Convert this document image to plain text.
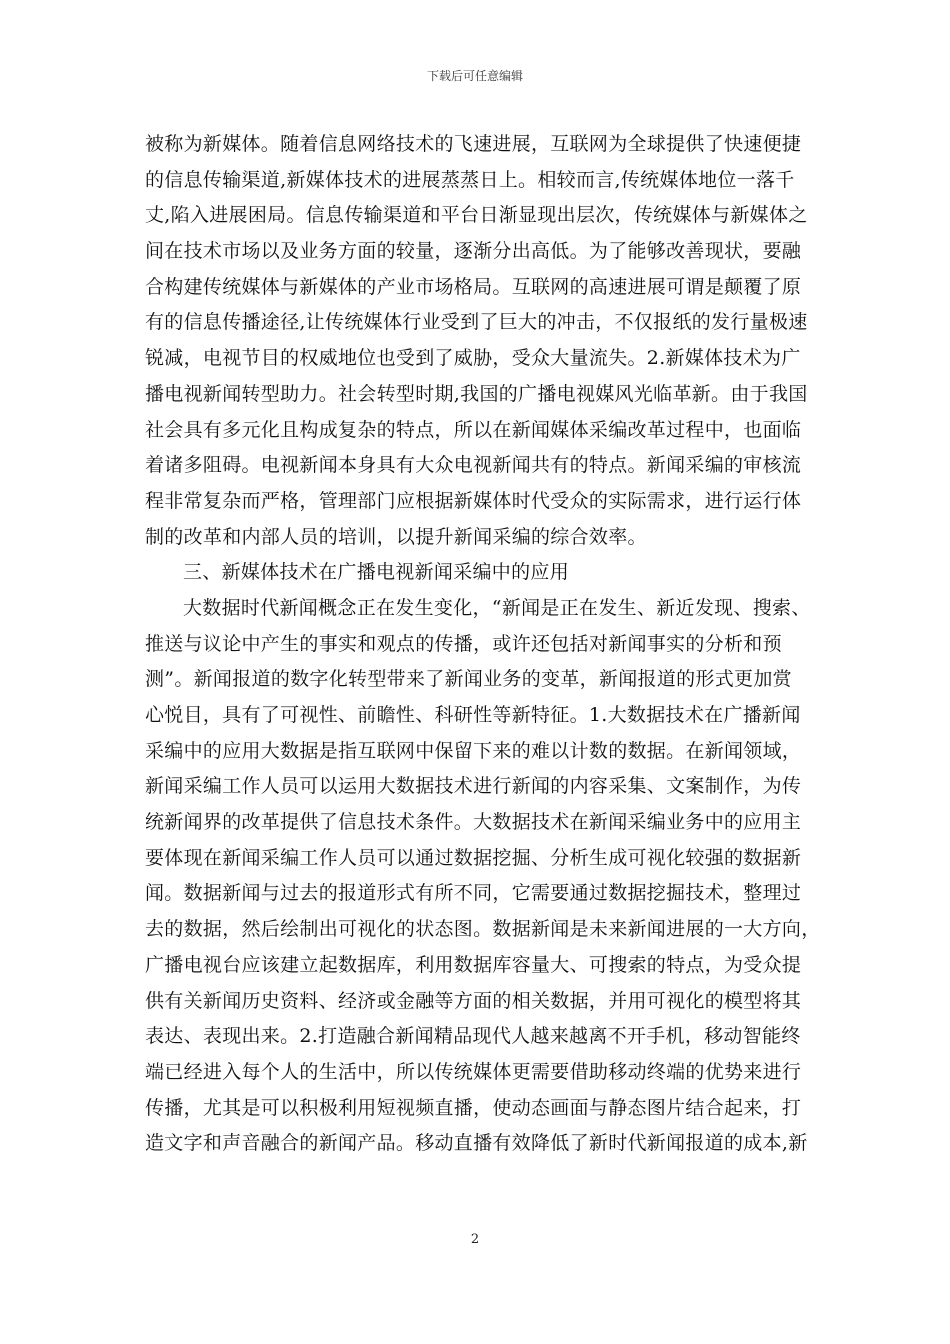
下载后可任意编辑
被称为新媒体。随着信息网络技术的飞速进展，互联网为全球提供了快速便捷
的信息传输渠道,新媒体技术的进展蒸蒸日上。相较而言,传统媒体地位一落千
丈,陷入进展困局。信息传输渠道和平台日渐显现出层次，传统媒体与新媒体之
间在技术市场以及业务方面的较量，逐渐分出高低。为了能够改善现状，要融
合构建传统媒体与新媒体的产业市场格局。互联网的高速进展可谓是颠覆了原
有的信息传播途径,让传统媒体行业受到了巨大的冲击，不仅报纸的发行量极速
锐减，电视节目的权威地位也受到了威胁，受众大量流失。2.新媒体技术为广
播电视新闻转型助力。社会转型时期,我国的广播电视媒风光临革新。由于我国
社会具有多元化且构成复杂的特点，所以在新闻媒体采编改革过程中，也面临
着诸多阻碍。电视新闻本身具有大众电视新闻共有的特点。新闻采编的审核流
程非常复杂而严格，管理部门应根据新媒体时代受众的实际需求，进行运行体
制的改革和内部人员的培训，以提升新闻采编的综合效率。
三、新媒体技术在广播电视新闻采编中的应用
大数据时代新闻概念正在发生变化，“新闻是正在发生、新近发现、搜索、
推送与议论中产生的事实和观点的传播，或许还包括对新闻事实的分析和预
测”。新闻报道的数字化转型带来了新闻业务的变革，新闻报道的形式更加赏
心悦目，具有了可视性、前瞻性、科研性等新特征。1.大数据技术在广播新闻
采编中的应用大数据是指互联网中保留下来的难以计数的数据。在新闻领域，
新闻采编工作人员可以运用大数据技术进行新闻的内容采集、文案制作，为传
统新闻界的改革提供了信息技术条件。大数据技术在新闻采编业务中的应用主
要体现在新闻采编工作人员可以通过数据挖掘、分析生成可视化较强的数据新
闻。数据新闻与过去的报道形式有所不同，它需要通过数据挖掘技术，整理过
去的数据，然后绘制出可视化的状态图。数据新闻是未来新闻进展的一大方向，
广播电视台应该建立起数据库，利用数据库容量大、可搜索的特点，为受众提
供有关新闻历史资料、经济或金融等方面的相关数据，并用可视化的模型将其
表达、表现出来。2.打造融合新闻精品现代人越来越离不开手机，移动智能终
端已经进入每个人的生活中，所以传统媒体更需要借助移动终端的优势来进行
传播，尤其是可以积极利用短视频直播，使动态画面与静态图片结合起来，打
造文字和声音融合的新闻产品。移动直播有效降低了新时代新闻报道的成本,新
2
